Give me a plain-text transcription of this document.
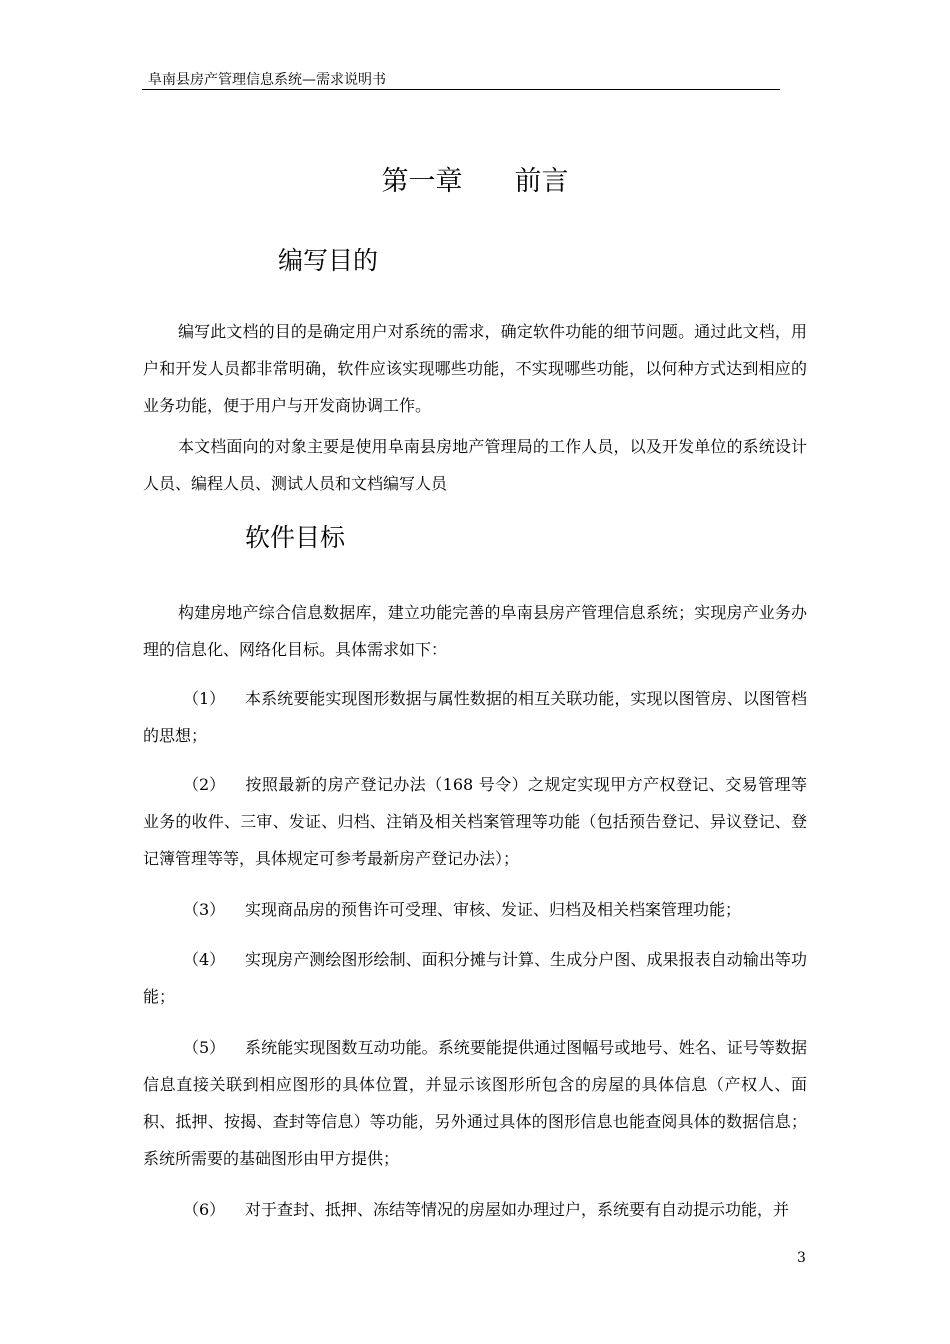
阜南县房产管理信息系统—需求说明书
第一章 前言
编写目的

编写此文档的目的是确定用户对系统的需求，确定软件功能的细节问题。通过此文档，用户和开发人员都非常明确，软件应该实现哪些功能，不实现哪些功能，以何种方式达到相应的业务功能，便于用户与开发商协调工作。

本文档面向的对象主要是使用阜南县房地产管理局的工作人员，以及开发单位的系统设计人员、编程人员、测试人员和文档编写人员

软件目标

构建房地产综合信息数据库，建立功能完善的阜南县房产管理信息系统；实现房产业务办理的信息化、网络化目标。具体需求如下：

（1） 本系统要能实现图形数据与属性数据的相互关联功能，实现以图管房、以图管档的思想；

（2） 按照最新的房产登记办法（168 号令）之规定实现甲方产权登记、交易管理等业务的收件、三审、发证、归档、注销及相关档案管理等功能（包括预告登记、异议登记、登记簿管理等等，具体规定可参考最新房产登记办法）；

（3） 实现商品房的预售许可受理、审核、发证、归档及相关档案管理功能；

（4） 实现房产测绘图形绘制、面积分摊与计算、生成分户图、成果报表自动输出等功能；

（5） 系统能实现图数互动功能。系统要能提供通过图幅号或地号、姓名、证号等数据信息直接关联到相应图形的具体位置，并显示该图形所包含的房屋的具体信息（产权人、面积、抵押、按揭、查封等信息）等功能，另外通过具体的图形信息也能查阅具体的数据信息；系统所需要的基础图形由甲方提供；

（6） 对于查封、抵押、冻结等情况的房屋如办理过户，系统要有自动提示功能，并

3
